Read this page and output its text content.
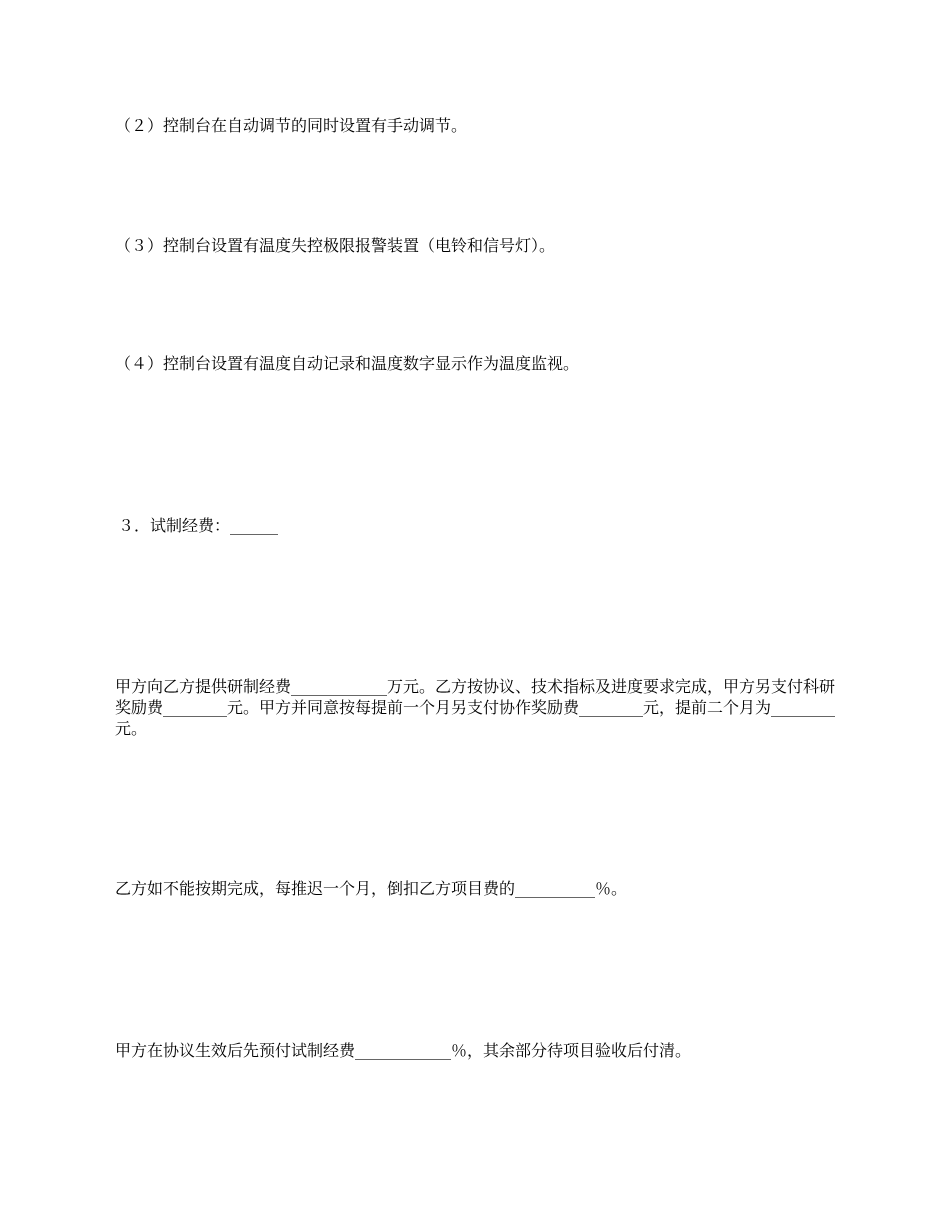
（２）控制台在自动调节的同时设置有手动调节。

（３）控制台设置有温度失控极限报警装置（电铃和信号灯）。

（４）控制台设置有温度自动记录和温度数字显示作为温度监视。

３．试制经费：______

甲方向乙方提供研制经费____________万元。乙方按协议、技术指标及进度要求完成，甲方另支付科研奖励费________元。甲方并同意按每提前一个月另支付协作奖励费________元，提前二个月为________元。

乙方如不能按期完成，每推迟一个月，倒扣乙方项目费的__________％。

甲方在协议生效后先预付试制经费____________％，其余部分待项目验收后付清。
